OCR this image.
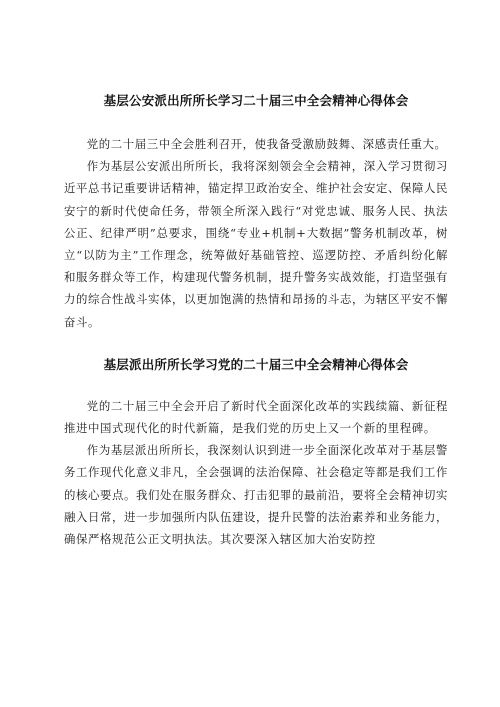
基层公安派出所所长学习二十届三中全会精神心得体会

党的二十届三中全会胜利召开，使我备受激励鼓舞、深感责任重大。

作为基层公安派出所所长，我将深刻领会全会精神，深入学习贯彻习近平总书记重要讲话精神，锚定捍卫政治安全、维护社会安定、保障人民安宁的新时代使命任务，带领全所深入践行“对党忠诚、服务人民、执法公正、纪律严明”总要求，围绕“专业+机制+大数据”警务机制改革，树立“以防为主”工作理念，统筹做好基础管控、巡逻防控、矛盾纠纷化解和服务群众等工作，构建现代警务机制，提升警务实战效能，打造坚强有力的综合性战斗实体，以更加饱满的热情和昂扬的斗志，为辖区平安不懈奋斗。

基层派出所所长学习党的二十届三中全会精神心得体会

党的二十届三中全会开启了新时代全面深化改革的实践续篇、新征程推进中国式现代化的时代新篇，是我们党的历史上又一个新的里程碑。

作为基层派出所所长，我深刻认识到进一步全面深化改革对于基层警务工作现代化意义非凡，全会强调的法治保障、社会稳定等都是我们工作的核心要点。我们处在服务群众、打击犯罪的最前沿，要将全会精神切实融入日常，进一步加强所内队伍建设，提升民警的法治素养和业务能力，确保严格规范公正文明执法。其次要深入辖区加大治安防控
